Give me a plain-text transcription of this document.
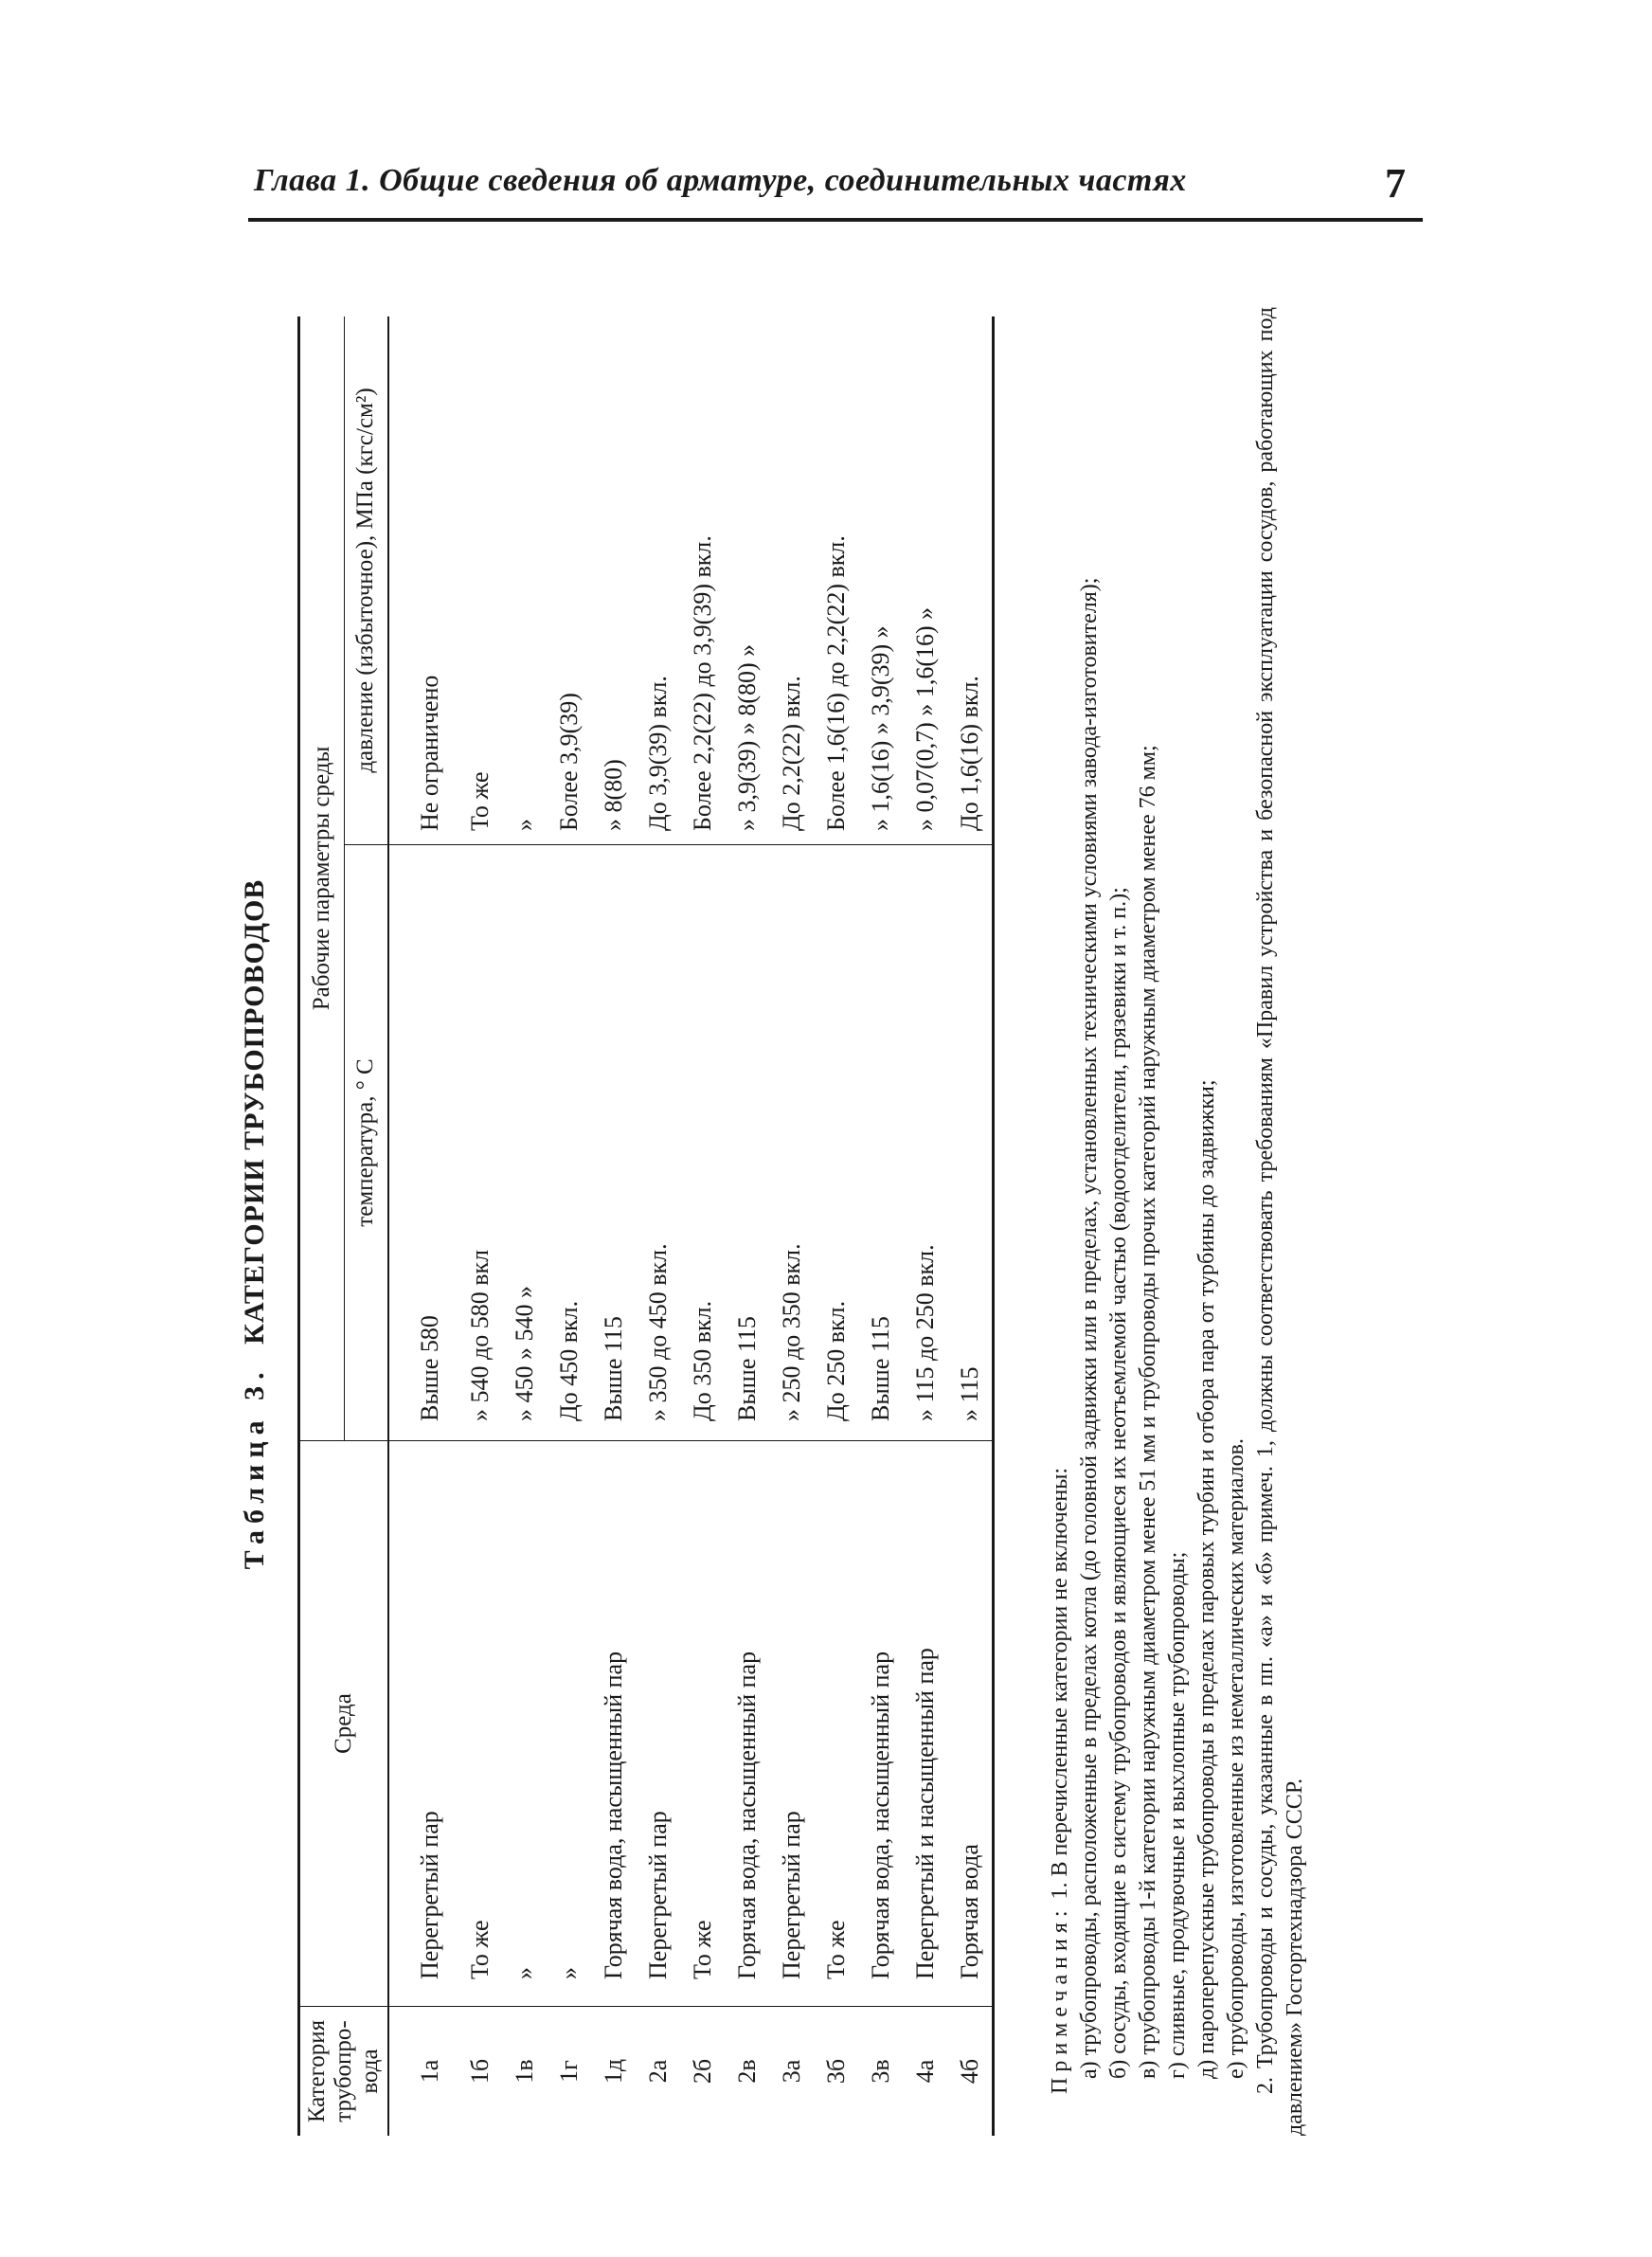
Глава 1. Общие сведения об арматуре, соединительных частях	7
Таблица 3. КАТЕГОРИИ ТРУБОПРОВОДОВ
Категория трубопро-вода	Среда	Рабочие параметры среды	
		температура, ° С	давление (избыточное), МПа (кгс/см²)
1а	Перегретый пар	Выше 580	Не ограничено
1б	То же	» 540 до 580 вкл	То же
1в	»	» 450 » 540 »	»
1г	»	До 450 вкл.	Более 3,9(39)
1д	Горячая вода, насыщенный пар	Выше 115	» 8(80)
2а	Перегретый пар	» 350 до 450 вкл.	До 3,9(39) вкл.
2б	То же	До 350 вкл.	Более 2,2(22) до 3,9(39) вкл.
2в	Горячая вода, насыщенный пар	Выше 115	» 3,9(39) » 8(80) »
3а	Перегретый пар	» 250 до 350 вкл.	До 2,2(22) вкл.
3б	То же	До 250 вкл.	Более 1,6(16) до 2,2(22) вкл.
3в	Горячая вода, насыщенный пар	Выше 115	» 1,6(16) » 3,9(39) »
4а	Перегретый и насыщенный пар	» 115 до 250 вкл.	» 0,07(0,7) » 1,6(16) »
4б	Горячая вода	» 115	До 1,6(16) вкл.

Примечания: 1. В перечисленные категории не включены: а) трубопроводы, расположенные в пределах котла (до головной задвижки или в пределах, установленных техническими условиями завода-изготовителя); б) сосуды, входящие в систему трубопроводов и являющиеся их неотъемлемой частью (водоотделители, грязевики и т. п.); в) трубопроводы 1-й категории наружным диаметром менее 51 мм и трубопроводы прочих категорий наружным диаметром менее 76 мм; г) сливные, продувочные и выхлопные трубопроводы; д) пароперепускные трубопроводы в пределах паровых турбин и отбора пара от турбины до задвижки; е) трубопроводы, изготовленные из неметаллических материалов. 2. Трубопроводы и сосуды, указанные в пп. «а» и «б» примеч. 1, должны соответствовать требованиям «Правил устройства и безопасной эксплуатации сосудов, работающих под давлением» Госгортехнадзора СССР.
